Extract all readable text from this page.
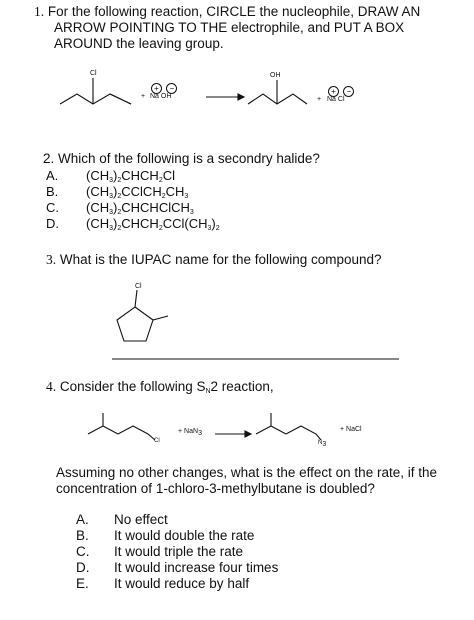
1. For the following reaction, CIRCLE the nucleophile, DRAW AN
ARROW POINTING TO THE electrophile, and PUT A BOX
AROUND the leaving group.
Cl
+
+ −
Na OH
OH
+
+ −
Na Cl
2. Which of the following is a secondry halide?
A. $(CH_3)_2CHCH_2Cl$
B. $(CH_3)_2CClCH_2CH_3$
C. $(CH_3)_2CHCHClCH_3$
D. $(CH_3)_2CHCH_2CCl(CH_3)_2$
3. What is the IUPAC name for the following compound?
Cl
4. Consider the following $S_N2$ reaction,
Cl
+ NaN$_3$
$N_3$
+ NaCl
Assuming no other changes, what is the effect on the rate, if the
concentration of 1-chloro-3-methylbutane is doubled?
A. No effect
B. It would double the rate
C. It would triple the rate
D. It would increase four times
E. It would reduce by half
